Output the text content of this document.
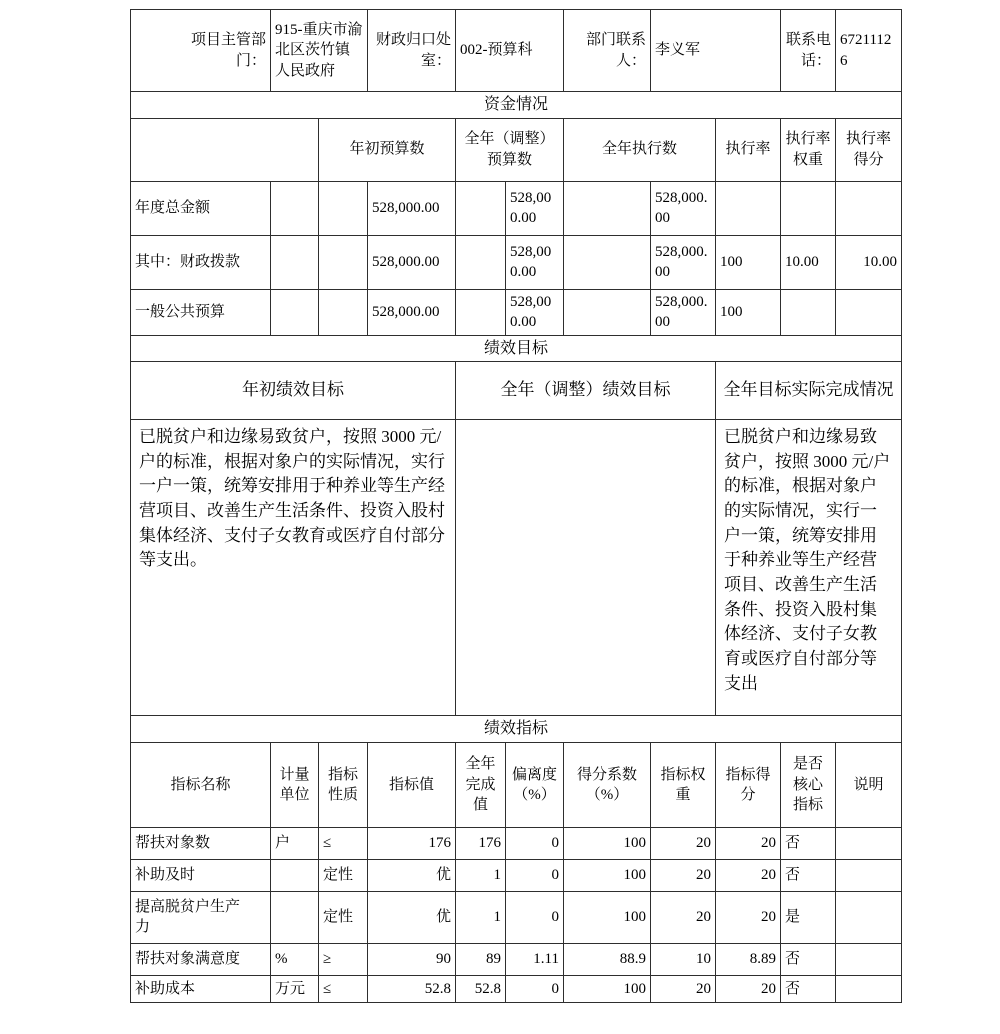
项目主管部门：	915-重庆市渝北区茨竹镇人民政府		财政归口处室：	002-预算科		部门联系人：	李义军		联系电话：	67211126
资金情况										
		年初预算数		全年（调整）预算数		全年执行数		执行率	执行率权重	执行率得分
年度总金额			528,000.00		528,000.00		528,000.00			
其中：财政拨款			528,000.00		528,000.00		528,000.00	100	10.00	10.00
一般公共预算			528,000.00		528,000.00		528,000.00	100		
绩效目标										
年初绩效目标				全年（调整）绩效目标				全年目标实际完成情况		
已脱贫户和边缘易致贫户，按照 3000 元/户的标准，根据对象户的实际情况，实行一户一策，统筹安排用于种养业等生产经营项目、改善生产生活条件、投资入股村集体经济、支付子女教育或医疗自付部分等支出。								已脱贫户和边缘易致贫户，按照 3000 元/户的标准，根据对象户的实际情况，实行一户一策，统筹安排用于种养业等生产经营项目、改善生产生活条件、投资入股村集体经济、支付子女教育或医疗自付部分等支出		
绩效指标										
指标名称	计量单位	指标性质	指标值	全年完成值	偏离度（%）	得分系数（%）	指标权重	指标得分	是否核心指标	说明
帮扶对象数	户	≤	176	176	0	100	20	20	否	
补助及时		定性	优	1	0	100	20	20	否	
提高脱贫户生产力		定性	优	1	0	100	20	20	是	
帮扶对象满意度	%	≥	90	89	1.11	88.9	10	8.89	否	
补助成本	万元	≤	52.8	52.8	0	100	20	20	否	
